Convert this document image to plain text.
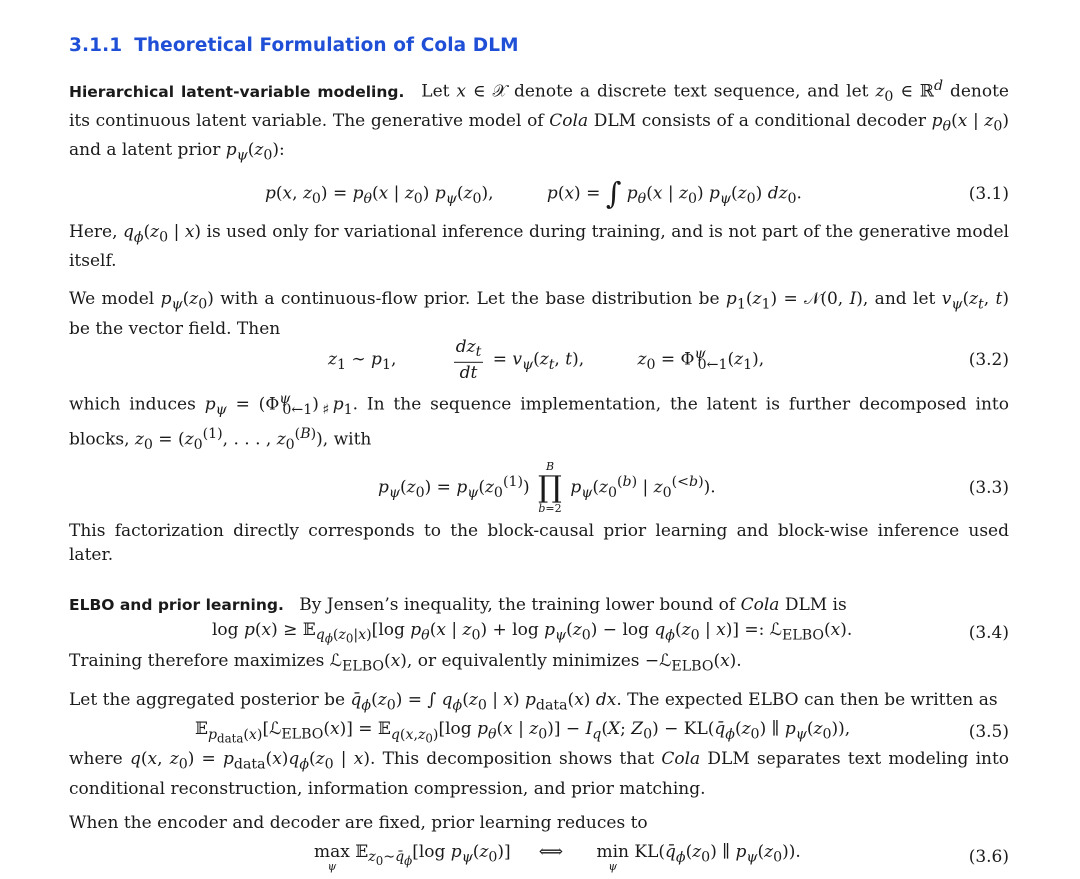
3.1.1 Theoretical Formulation of Cola DLM

Hierarchical latent-variable modeling. Let x ∈ 𝒳 denote a discrete text sequence, and let $z_0$ ∈ ℝ$^d$ denote its continuous latent variable. The generative model of Cola DLM consists of a conditional decoder $p_\theta(x$ | $z_0$) and a latent prior $p_\psi(z_0)$:

p(x, $z_0) = p_\theta(x$ | $z_0$) $p_\psi(z_0)$,	p(x) = ∫ $p_\theta(x$ | $z_0$) $p_\psi(z_0)$ $dz_0$.	(3.1)

Here, $q_\phi(z_0$ | x) is used only for variational inference during training, and is not part of the generative model itself.

We model $p_\psi(z_0)$ with a continuous-flow prior. Let the base distribution be $p_1(z_1)$ = 𝒩(0, I), and let $v_\psi(z_t$, t) be the vector field. Then

$z_1$ ∼ $p_1$,	$\frac{dz_t}{dt} = v_\psi(z_t$, t),	$z_0 = \Phi^\psi_{0\leftarrow 1}(z_1)$,	(3.2)

which induces $p_\psi = (\Phi^\psi_{0\leftarrow 1})_♯p_1$. In the sequence implementation, the latent is further decomposed into blocks, $z_0 = (z_0^{(1)}$, . . . , $z_0^{(B)}$), with

$p_\psi(z_0) = p_\psi(z_0^{(1)})$
B
∏
b=2
$p_\psi(z_0^{(b)}$ | $z_0^{(<b)}$).	(3.3)

This factorization directly corresponds to the block-causal prior learning and block-wise inference used later.

ELBO and prior learning. By Jensen’s inequality, the training lower bound of Cola DLM is

log p(x) ≥ 𝔼$_{q_\phi(z_0|x)}$[log $p_\theta(x$ | $z_0) + \log p_\psi(z_0) - \log q_\phi(z_0$ | x)] =: ℒ$_{ELBO}$(x).	(3.4)

Training therefore maximizes ℒ$_{ELBO}$(x), or equivalently minimizes −ℒ$_{ELBO}$(x).

Let the aggregated posterior be $q̄_\phi(z_0)$ = ∫ $q_\phi(z_0$ | x) $p_{data}(x)$ dx. The expected ELBO can then be written as

𝔼$_{p_{data}(x)}$[ℒ$_{ELBO}$(x)] = 𝔼$_{q(x,z_0)}$[log $p_\theta(x$ | $z_0)] - I_q(X$; $Z_0$) − $KL(q̄_\phi(z_0)$ ∥ $p_\psi(z_0)$),	(3.5)

where q(x, $z_0) = p_{data}(x)q_\phi(z_0$ | x). This decomposition shows that Cola DLM separates text modeling into conditional reconstruction, information compression, and prior matching.

When the encoder and decoder are fixed, prior learning reduces to

max
ψ
𝔼$_{z_0\sim q̄_\phi}$[log $p_\psi(z_0)$] ⟺ min
ψ
$KL(q̄_\phi(z_0)$ ∥ $p_\psi(z_0)$).	(3.6)
